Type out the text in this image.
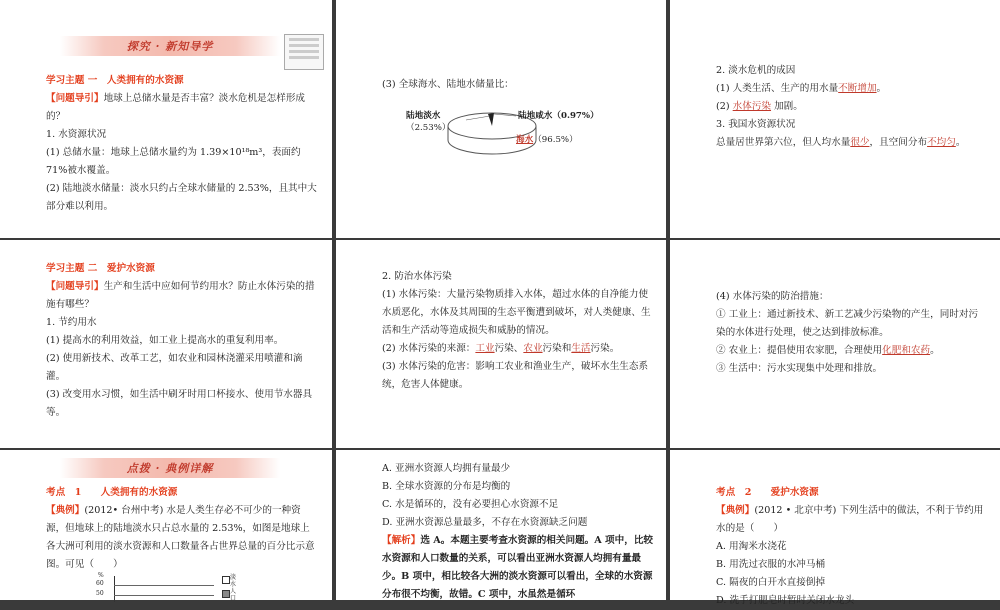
探究 · 新知导学

学习主题 一　人类拥有的水资源

【问题导引】地球上总储水量是否丰富？淡水危机是怎样形成的？

1. 水资源状况

(1) 总储水量：地球上总储水量约为 1.39×10¹⁸m³，表面约 71%被水覆盖。

(2) 陆地淡水储量：淡水只约占全球水储量的 2.53%，且其中大部分难以利用。

(3) 全球海水、陆地水储量比：

陆地淡水

（2.53%）

陆地咸水（0.97%）
海水（96.5%）

2. 淡水危机的成因

(1) 人类生活、生产的用水量不断增加。

(2) 水体污染 加剧。

3. 我国水资源状况

总量居世界第六位，但人均水量很少，且空间分布不均匀。

学习主题 二　爱护水资源

【问题导引】生产和生活中应如何节约用水？防止水体污染的措施有哪些？

1. 节约用水

(1) 提高水的利用效益，如工业上提高水的重复利用率。

(2) 使用新技术、改革工艺，如农业和园林浇灌采用喷灌和滴灌。

(3) 改变用水习惯，如生活中刷牙时用口杯接水、使用节水器具等。

2. 防治水体污染

(1) 水体污染：大量污染物质排入水体，超过水体的自净能力使水质恶化，水体及其周围的生态平衡遭到破坏，对人类健康、生活和生产活动等造成损失和威胁的情况。

(2) 水体污染的来源：工业污染、农业污染和生活污染。

(3) 水体污染的危害：影响工农业和渔业生产，破坏水生生态系统，危害人体健康。

(4) 水体污染的防治措施：

① 工业上：通过新技术、新工艺减少污染物的产生，同时对污染的水体进行处理，使之达到排放标准。

② 农业上：提倡使用农家肥，合理使用化肥和农药。

③ 生活中：污水实现集中处理和排放。

点拨 · 典例详解

考点　1　　人类拥有的水资源

【典例】(2012• 台州中考) 水是人类生存必不可少的一种资源，但地球上的陆地淡水只占总水量的 2.53%，如图是地球上各大洲可利用的淡水资源和人口数量各占世界总量的百分比示意图。可见（　　）

%
60
50
淡
水
人
口

A. 亚洲水资源人均拥有量最少

B. 全球水资源的分布是均衡的

C. 水是循环的，没有必要担心水资源不足

D. 亚洲水资源总量最多，不存在水资源缺乏问题

【解析】选 A。本题主要考查水资源的相关问题。A 项中，比较水资源和人口数量的关系，可以看出亚洲水资源人均拥有量最少。B 项中，相比较各大洲的淡水资源可以看出，全球的水资源分布很不均衡，故错。C 项中，水虽然是循环

考点　2　　爱护水资源

【典例】(2012 • 北京中考) 下列生活中的做法，不利于节约用水的是（　　）

A. 用淘米水浇花

B. 用洗过衣服的水冲马桶

C. 隔夜的白开水直接倒掉

D. 洗手打肥皂时暂时关闭水龙头
